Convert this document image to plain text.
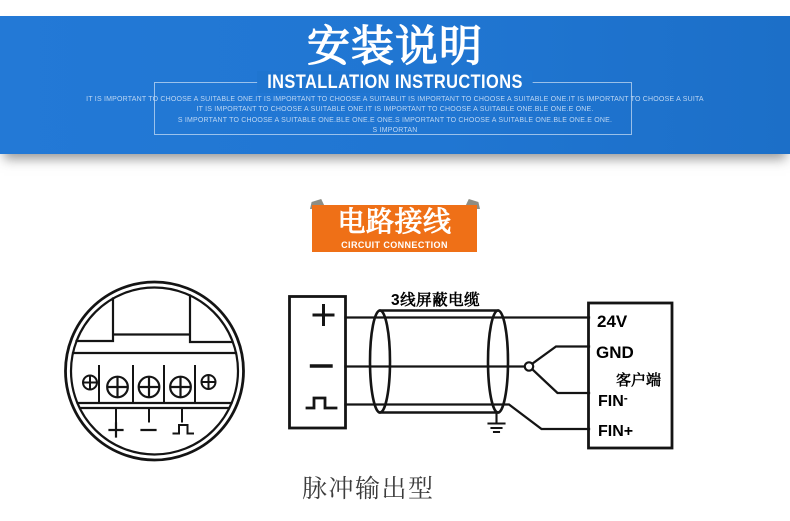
安装说明
INSTALLATION INSTRUCTIONS
IT IS IMPORTANT TO CHOOSE A SUITABLE ONE.IT IS IMPORTANT TO CHOOSE A SUITABLIT IS IMPORTANT TO CHOOSE A SUITABLE ONE.IT IS IMPORTANT TO CHOOSE A SUITA
IT IS IMPORTANT TO CHOOSE A SUITABLE ONE.IT IS IMPORTANT TO CHOOSE A SUITABLE ONE.BLE ONE.E ONE.
S IMPORTANT TO CHOOSE A SUITABLE ONE.BLE ONE.E ONE.S IMPORTANT TO CHOOSE A SUITABLE ONE.BLE ONE.E ONE.
S IMPORTAN
电路接线
CIRCUIT CONNECTION
3线屏蔽电缆
24V
GND
客户端
FIN-
FIN+
脉冲输出型
